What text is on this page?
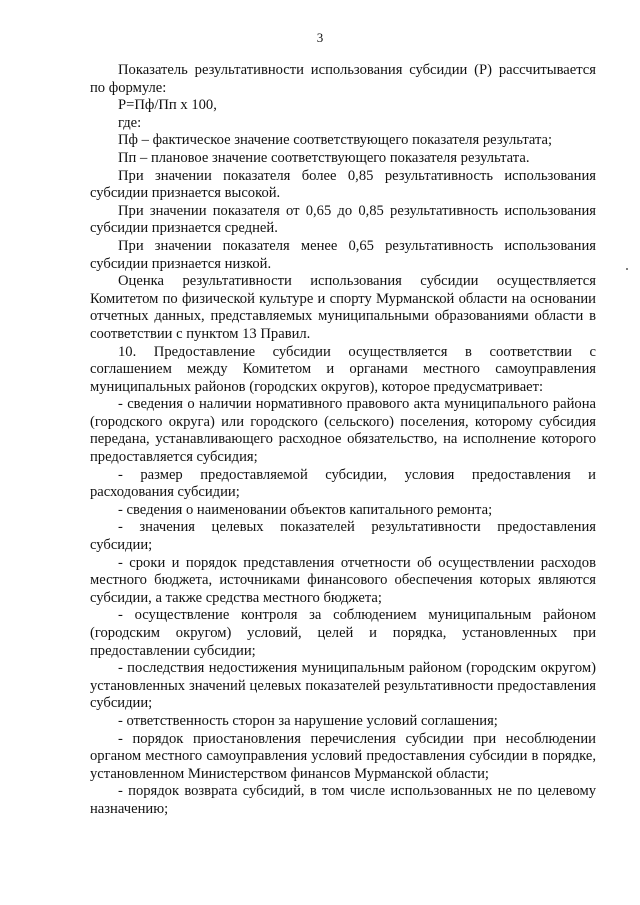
3

Показатель результативности использования субсидии (Р) рассчитывается по формуле:

Р=Пф/Пп х 100,

где:

Пф – фактическое значение соответствующего показателя результата;

Пп – плановое значение соответствующего показателя результата.

При значении показателя более 0,85 результативность использования субсидии признается высокой.

При значении показателя от 0,65 до 0,85 результативность использования субсидии признается средней.

При значении показателя менее 0,65 результативность использования субсидии признается низкой.

Оценка результативности использования субсидии осуществляется Комитетом по физической культуре и спорту Мурманской области на основании отчетных данных, представляемых муниципальными образованиями области в соответствии с пунктом 13 Правил.

10. Предоставление субсидии осуществляется в соответствии с соглашением между Комитетом и органами местного самоуправления муниципальных районов (городских округов), которое предусматривает:

- сведения о наличии нормативного правового акта муниципального района (городского округа) или городского (сельского) поселения, которому субсидия передана, устанавливающего расходное обязательство, на исполнение которого предоставляется субсидия;

- размер предоставляемой субсидии, условия предоставления и расходования субсидии;

- сведения о наименовании объектов капитального ремонта;

- значения целевых показателей результативности предоставления субсидии;

- сроки и порядок представления отчетности об осуществлении расходов местного бюджета, источниками финансового обеспечения которых являются субсидии, а также средства местного бюджета;

- осуществление контроля за соблюдением муниципальным районом (городским округом) условий, целей и порядка, установленных при предоставлении субсидии;

- последствия недостижения муниципальным районом (городским округом) установленных значений целевых показателей результативности предоставления субсидии;

- ответственность сторон за нарушение условий соглашения;

- порядок приостановления перечисления субсидии при несоблюдении органом местного самоуправления условий предоставления субсидии в порядке, установленном Министерством финансов Мурманской области;

- порядок возврата субсидий, в том числе использованных не по целевому назначению;
